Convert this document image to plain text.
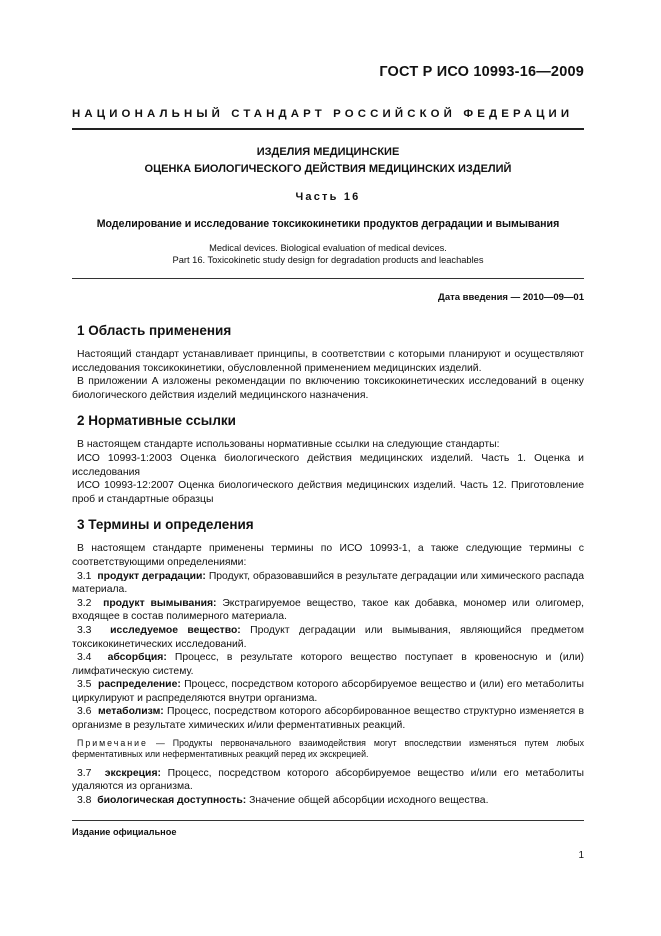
ГОСТ Р ИСО 10993-16—2009
НАЦИОНАЛЬНЫЙ СТАНДАРТ РОССИЙСКОЙ ФЕДЕРАЦИИ
ИЗДЕЛИЯ МЕДИЦИНСКИЕ
ОЦЕНКА БИОЛОГИЧЕСКОГО ДЕЙСТВИЯ МЕДИЦИНСКИХ ИЗДЕЛИЙ
Часть 16
Моделирование и исследование токсикокинетики продуктов деградации и вымывания
Medical devices. Biological evaluation of medical devices.
Part 16. Toxicokinetic study design for degradation products and leachables
Дата введения — 2010—09—01
1 Область применения

Настоящий стандарт устанавливает принципы, в соответствии с которыми планируют и осуществляют исследования токсикокинетики, обусловленной применением медицинских изделий.

В приложении А изложены рекомендации по включению токсикокинетических исследований в оценку биологического действия изделий медицинского назначения.

2 Нормативные ссылки

В настоящем стандарте использованы нормативные ссылки на следующие стандарты:

ИСО 10993-1:2003 Оценка биологического действия медицинских изделий. Часть 1. Оценка и исследования

ИСО 10993-12:2007 Оценка биологического действия медицинских изделий. Часть 12. Приготовление проб и стандартные образцы

3 Термины и определения

В настоящем стандарте применены термины по ИСО 10993-1, а также следующие термины с соответствующими определениями:

3.1 продукт деградации: Продукт, образовавшийся в результате деградации или химического распада материала.

3.2 продукт вымывания: Экстрагируемое вещество, такое как добавка, мономер или олигомер, входящее в состав полимерного материала.

3.3 исследуемое вещество: Продукт деградации или вымывания, являющийся предметом токсикокинетических исследований.

3.4 абсорбция: Процесс, в результате которого вещество поступает в кровеносную и (или) лимфатическую систему.

3.5 распределение: Процесс, посредством которого абсорбируемое вещество и (или) его метаболиты циркулируют и распределяются внутри организма.

3.6 метаболизм: Процесс, посредством которого абсорбированное вещество структурно изменяется в организме в результате химических и/или ферментативных реакций.

Примечание — Продукты первоначального взаимодействия могут впоследствии изменяться путем любых ферментативных или неферментативных реакций перед их экскрецией.

3.7 экскреция: Процесс, посредством которого абсорбируемое вещество и/или его метаболиты удаляются из организма.

3.8 биологическая доступность: Значение общей абсорбции исходного вещества.

Издание официальное
1
